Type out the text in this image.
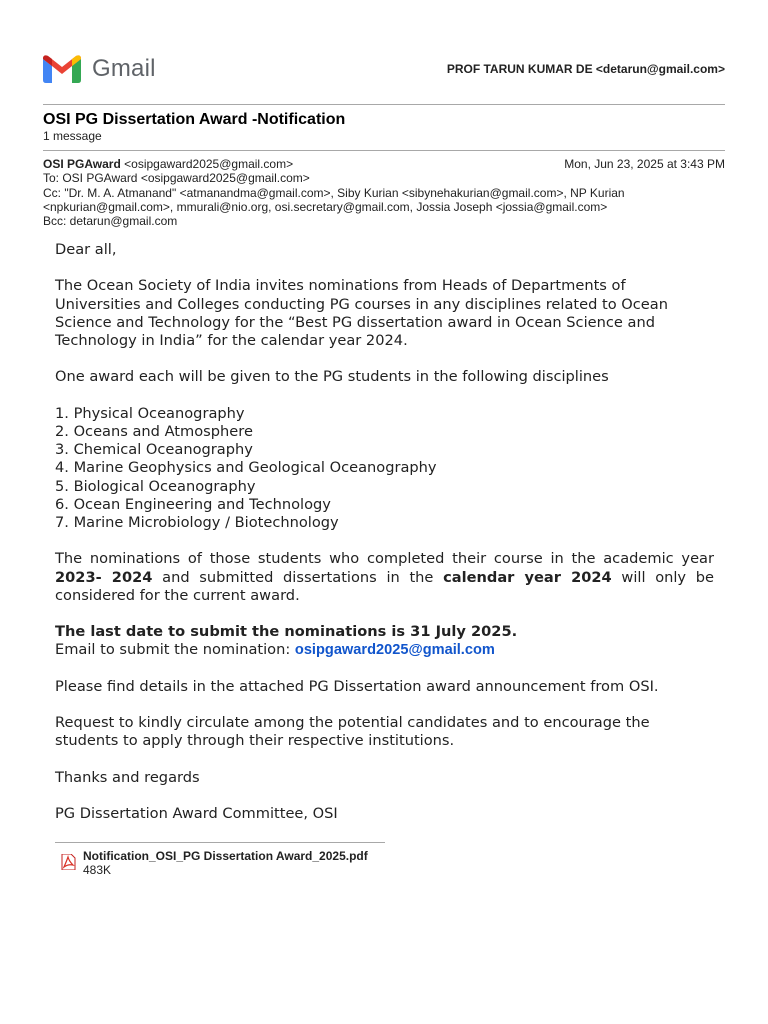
Gmail	PROF TARUN KUMAR DE <detarun@gmail.com>
OSI PG Dissertation Award -Notification
1 message
OSI PGAward <osipgaward2025@gmail.com>	Mon, Jun 23, 2025 at 3:43 PM
To: OSI PGAward <osipgaward2025@gmail.com>
Cc: "Dr. M. A. Atmanand" <atmanandma@gmail.com>, Siby Kurian <sibynehakurian@gmail.com>, NP Kurian <npkurian@gmail.com>, mmurali@nio.org, osi.secretary@gmail.com, Jossia Joseph <jossia@gmail.com>
Bcc: detarun@gmail.com

Dear all,

The Ocean Society of India invites nominations from Heads of Departments of Universities and Colleges conducting PG courses in any disciplines related to Ocean Science and Technology for the “Best PG dissertation award in Ocean Science and Technology in India” for the calendar year 2024.

One award each will be given to the PG students in the following disciplines

1. Physical Oceanography
2. Oceans and Atmosphere
3. Chemical Oceanography
4. Marine Geophysics and Geological Oceanography
5. Biological Oceanography
6. Ocean Engineering and Technology
7. Marine Microbiology / Biotechnology

The nominations of those students who completed their course in the academic year 2023- 2024 and submitted dissertations in the calendar year 2024 will only be considered for the current award.

The last date to submit the nominations is 31 July 2025.
Email to submit the nomination: osipgaward2025@gmail.com

Please find details in the attached PG Dissertation award announcement from OSI.

Request to kindly circulate among the potential candidates and to encourage the students to apply through their respective institutions.

Thanks and regards

PG Dissertation Award Committee, OSI

Notification_OSI_PG Dissertation Award_2025.pdf
483K
